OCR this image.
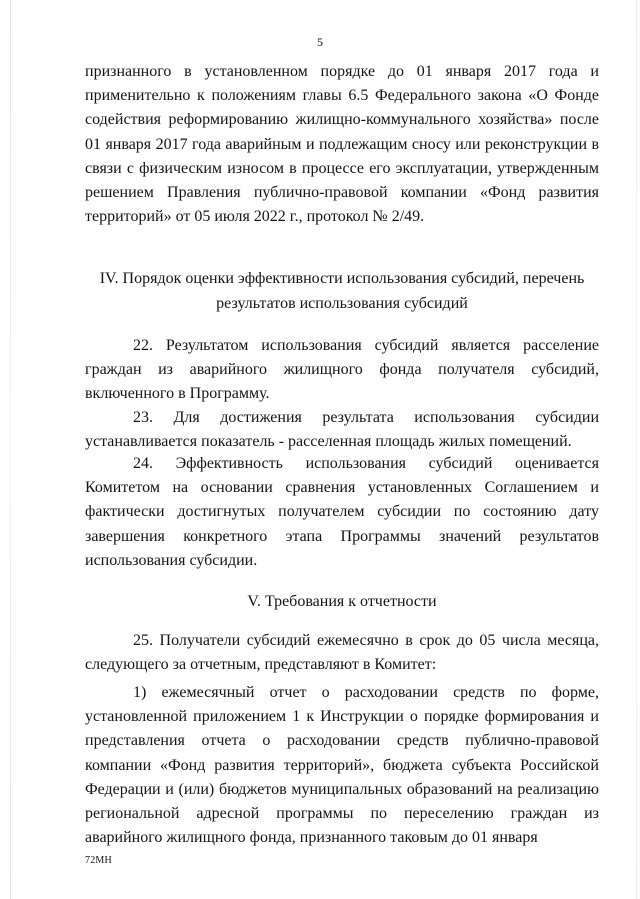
5

признанного в установленном порядке до 01 января 2017 года и применительно к положениям главы 6.5 Федерального закона «О Фонде содействия реформированию жилищно-коммунального хозяйства» после 01 января 2017 года аварийным и подлежащим сносу или реконструкции в связи с физическим износом в процессе его эксплуатации, утвержденным решением Правления публично-правовой компании «Фонд развития территорий» от 05 июля 2022 г., протокол № 2/49.

IV. Порядок оценки эффективности использования субсидий, перечень
результатов использования субсидий

22. Результатом использования субсидий является расселение граждан из аварийного жилищного фонда получателя субсидий, включенного в Программу.

23. Для достижения результата использования субсидии устанавливается показатель - расселенная площадь жилых помещений.

24. Эффективность использования субсидий оценивается Комитетом на основании сравнения установленных Соглашением и фактически достигнутых получателем субсидии по состоянию дату завершения конкретного этапа Программы значений результатов использования субсидии.

V. Требования к отчетности

25. Получатели субсидий ежемесячно в срок до 05 числа месяца, следующего за отчетным, представляют в Комитет:

1) ежемесячный отчет о расходовании средств по форме, установленной приложением 1 к Инструкции о порядке формирования и представления отчета о расходовании средств публично-правовой компании «Фонд развития территорий», бюджета субъекта Российской Федерации и (или) бюджетов муниципальных образований на реализацию региональной адресной программы по переселению граждан из аварийного жилищного фонда, признанного таковым до 01 января

72МН
